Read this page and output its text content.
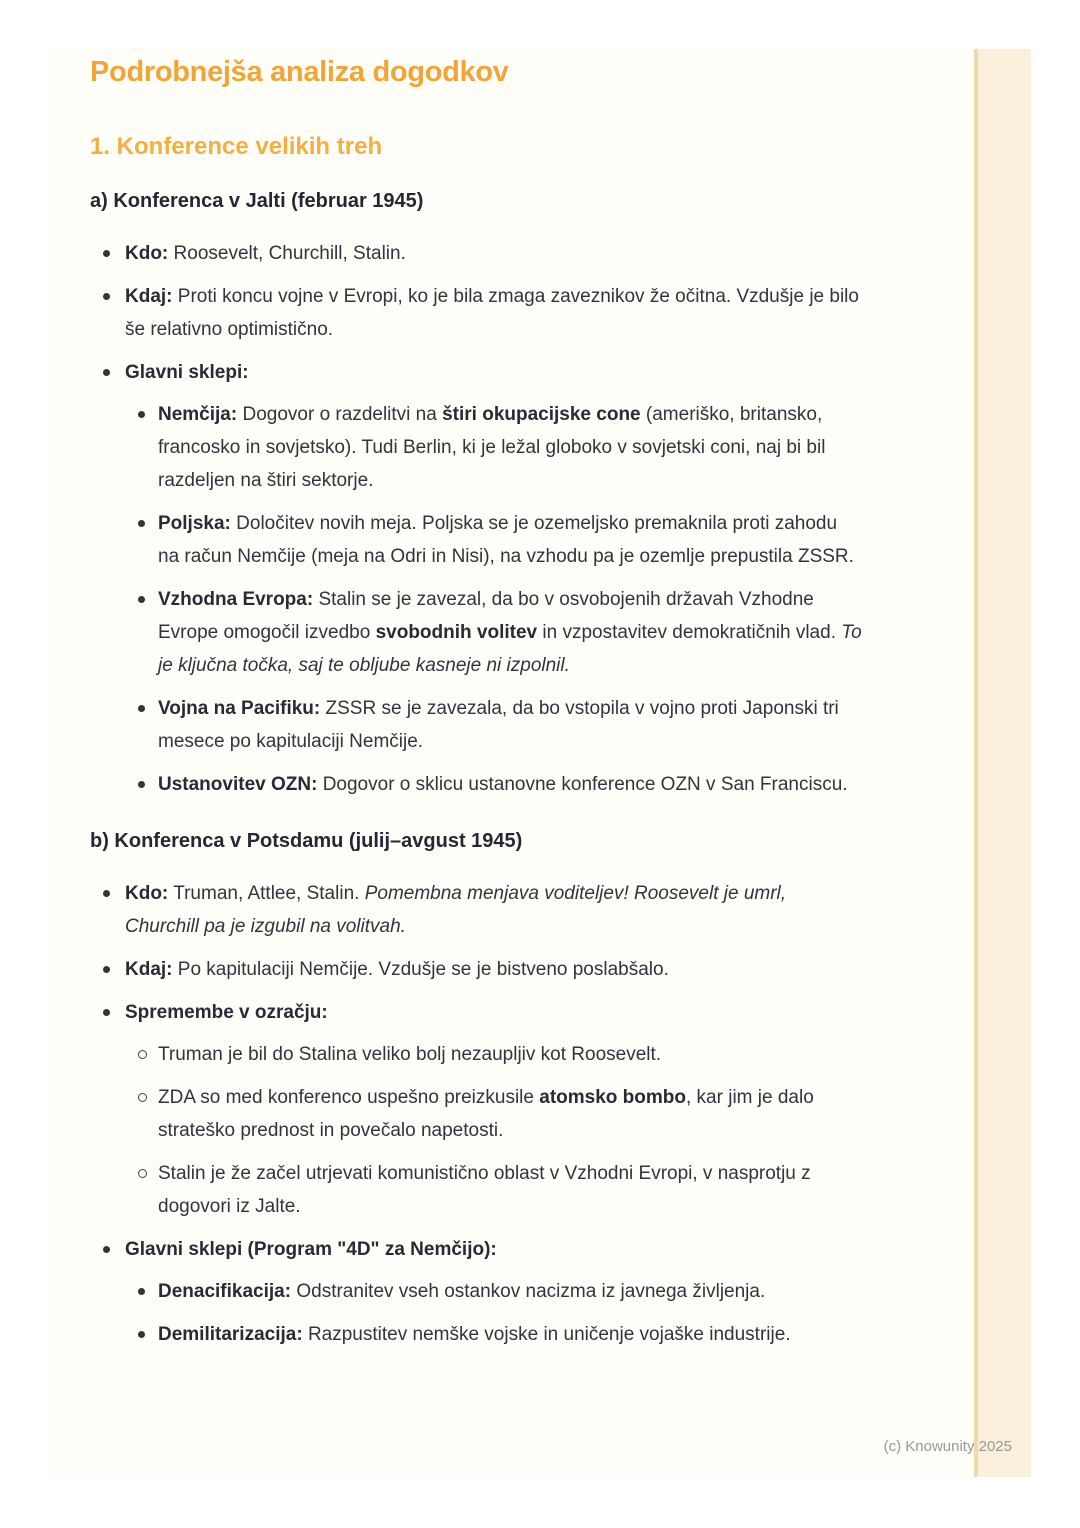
Podrobnejša analiza dogodkov
1. Konference velikih treh
a) Konferenca v Jalti (februar 1945)
Kdo: Roosevelt, Churchill, Stalin.
Kdaj: Proti koncu vojne v Evropi, ko je bila zmaga zaveznikov že očitna. Vzdušje je bilo še relativno optimistično.
Glavni sklepi:
Nemčija: Dogovor o razdelitvi na štiri okupacijske cone (ameriško, britansko, francosko in sovjetsko). Tudi Berlin, ki je ležal globoko v sovjetski coni, naj bi bil razdeljen na štiri sektorje.
Poljska: Določitev novih meja. Poljska se je ozemeljsko premaknila proti zahodu na račun Nemčije (meja na Odri in Nisi), na vzhodu pa je ozemlje prepustila ZSSR.
Vzhodna Evropa: Stalin se je zavezal, da bo v osvobojenih državah Vzhodne Evrope omogočil izvedbo svobodnih volitev in vzpostavitev demokratičnih vlad. To je ključna točka, saj te obljube kasneje ni izpolnil.
Vojna na Pacifiku: ZSSR se je zavezala, da bo vstopila v vojno proti Japonski tri mesece po kapitulaciji Nemčije.
Ustanovitev OZN: Dogovor o sklicu ustanovne konference OZN v San Franciscu.
b) Konferenca v Potsdamu (julij–avgust 1945)
Kdo: Truman, Attlee, Stalin. Pomembna menjava voditeljev! Roosevelt je umrl, Churchill pa je izgubil na volitvah.
Kdaj: Po kapitulaciji Nemčije. Vzdušje se je bistveno poslabšalo.
Spremembe v ozračju:
Truman je bil do Stalina veliko bolj nezaupljiv kot Roosevelt.
ZDA so med konferenco uspešno preizkusile atomsko bombo, kar jim je dalo strateško prednost in povečalo napetosti.
Stalin je že začel utrjevati komunistično oblast v Vzhodni Evropi, v nasprotju z dogovori iz Jalte.
Glavni sklepi (Program "4D" za Nemčijo):
Denacifikacija: Odstranitev vseh ostankov nacizma iz javnega življenja.
Demilitarizacija: Razpustitev nemške vojske in uničenje vojaške industrije.
(c) Knowunity 2025
